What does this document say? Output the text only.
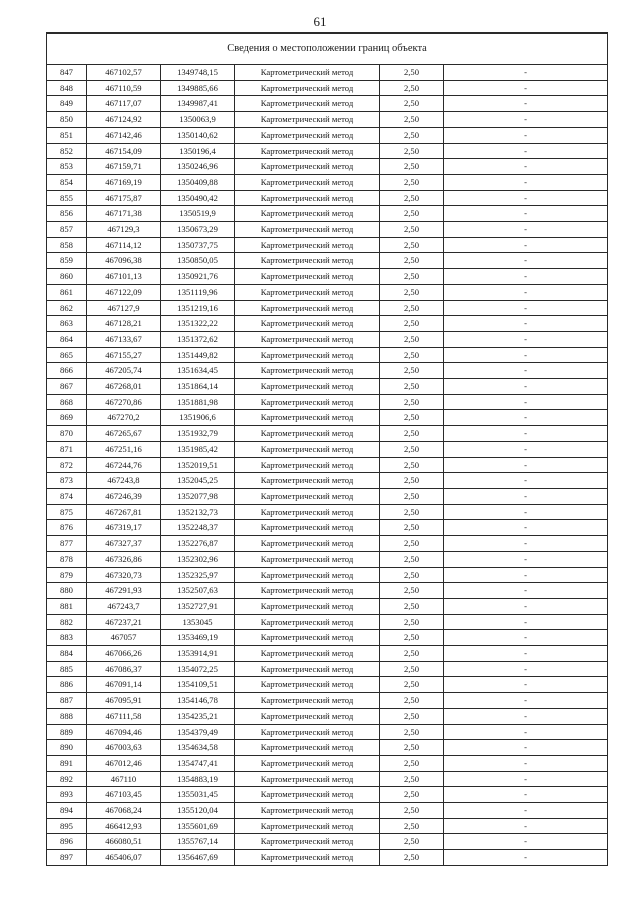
61

Сведения о местоположении границ объекта					
847	467102,57	1349748,15	Картометрический метод	2,50	-
848	467110,59	1349885,66	Картометрический метод	2,50	-
849	467117,07	1349987,41	Картометрический метод	2,50	-
850	467124,92	1350063,9	Картометрический метод	2,50	-
851	467142,46	1350140,62	Картометрический метод	2,50	-
852	467154,09	1350196,4	Картометрический метод	2,50	-
853	467159,71	1350246,96	Картометрический метод	2,50	-
854	467169,19	1350409,88	Картометрический метод	2,50	-
855	467175,87	1350490,42	Картометрический метод	2,50	-
856	467171,38	1350519,9	Картометрический метод	2,50	-
857	467129,3	1350673,29	Картометрический метод	2,50	-
858	467114,12	1350737,75	Картометрический метод	2,50	-
859	467096,38	1350850,05	Картометрический метод	2,50	-
860	467101,13	1350921,76	Картометрический метод	2,50	-
861	467122,09	1351119,96	Картометрический метод	2,50	-
862	467127,9	1351219,16	Картометрический метод	2,50	-
863	467128,21	1351322,22	Картометрический метод	2,50	-
864	467133,67	1351372,62	Картометрический метод	2,50	-
865	467155,27	1351449,82	Картометрический метод	2,50	-
866	467205,74	1351634,45	Картометрический метод	2,50	-
867	467268,01	1351864,14	Картометрический метод	2,50	-
868	467270,86	1351881,98	Картометрический метод	2,50	-
869	467270,2	1351906,6	Картометрический метод	2,50	-
870	467265,67	1351932,79	Картометрический метод	2,50	-
871	467251,16	1351985,42	Картометрический метод	2,50	-
872	467244,76	1352019,51	Картометрический метод	2,50	-
873	467243,8	1352045,25	Картометрический метод	2,50	-
874	467246,39	1352077,98	Картометрический метод	2,50	-
875	467267,81	1352132,73	Картометрический метод	2,50	-
876	467319,17	1352248,37	Картометрический метод	2,50	-
877	467327,37	1352276,87	Картометрический метод	2,50	-
878	467326,86	1352302,96	Картометрический метод	2,50	-
879	467320,73	1352325,97	Картометрический метод	2,50	-
880	467291,93	1352507,63	Картометрический метод	2,50	-
881	467243,7	1352727,91	Картометрический метод	2,50	-
882	467237,21	1353045	Картометрический метод	2,50	-
883	467057	1353469,19	Картометрический метод	2,50	-
884	467066,26	1353914,91	Картометрический метод	2,50	-
885	467086,37	1354072,25	Картометрический метод	2,50	-
886	467091,14	1354109,51	Картометрический метод	2,50	-
887	467095,91	1354146,78	Картометрический метод	2,50	-
888	467111,58	1354235,21	Картометрический метод	2,50	-
889	467094,46	1354379,49	Картометрический метод	2,50	-
890	467003,63	1354634,58	Картометрический метод	2,50	-
891	467012,46	1354747,41	Картометрический метод	2,50	-
892	467110	1354883,19	Картометрический метод	2,50	-
893	467103,45	1355031,45	Картометрический метод	2,50	-
894	467068,24	1355120,04	Картометрический метод	2,50	-
895	466412,93	1355601,69	Картометрический метод	2,50	-
896	466080,51	1355767,14	Картометрический метод	2,50	-
897	465406,07	1356467,69	Картометрический метод	2,50	-
